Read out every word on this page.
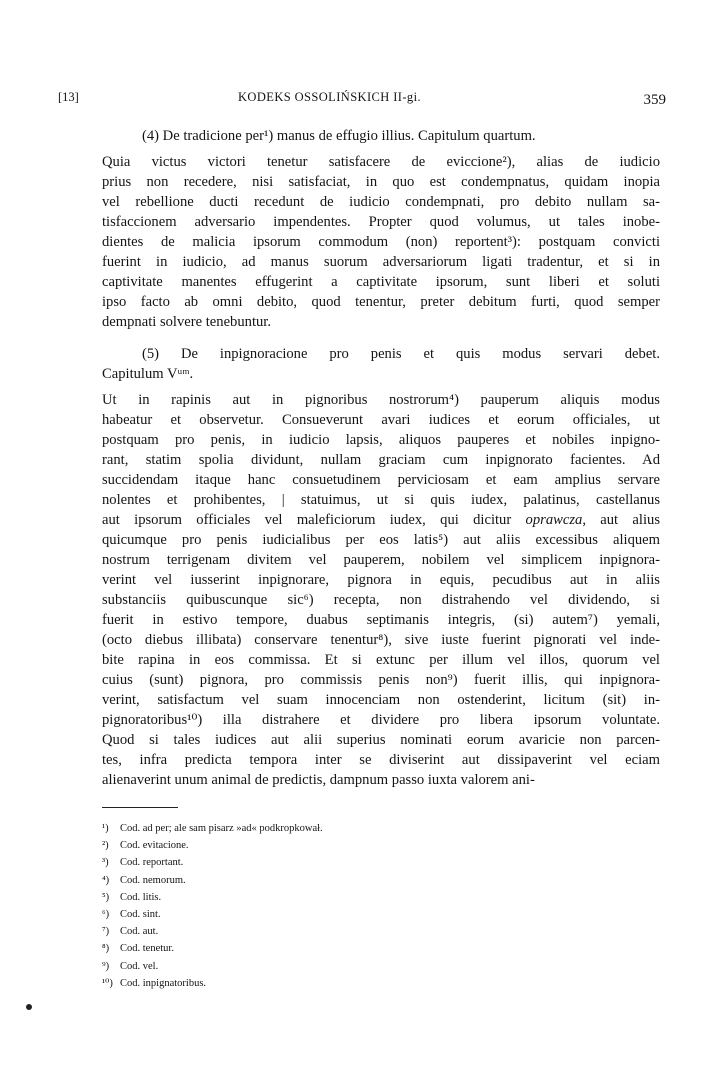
[13]	KODEKS OSSOLIŃSKICH II-gi.	359
(4) De tradicione per¹) manus de effugio illius. Capitulum quartum.
Quia victus victori tenetur satisfacere de eviccione²), alias de iudicio
prius non recedere, nisi satisfaciat, in quo est condempnatus, quidam inopia
vel rebellione ducti recedunt de iudicio condempnati, pro debito nullam sa-
tisfaccionem adversario impendentes. Propter quod volumus, ut tales inobe-
dientes de malicia ipsorum commodum (non) reportent³): postquam convicti
fuerint in iudicio, ad manus suorum adversariorum ligati tradentur, et si in
captivitate manentes effugerint a captivitate ipsorum, sunt liberi et soluti
ipso facto ab omni debito, quod tenentur, preter debitum furti, quod semper
dempnati solvere tenebuntur.
(5) De inpignoracione pro penis et quis modus servari debet.
Capitulum Vᵘᵐ.
Ut in rapinis aut in pignoribus nostrorum⁴) pauperum aliquis modus
habeatur et observetur. Consueverunt avari iudices et eorum officiales, ut
postquam pro penis, in iudicio lapsis, aliquos pauperes et nobiles inpigno-
rant, statim spolia dividunt, nullam graciam cum inpignorato facientes. Ad
succidendam itaque hanc consuetudinem perviciosam et eam amplius servare
nolentes et prohibentes, | statuimus, ut si quis iudex, palatinus, castellanus
aut ipsorum officiales vel maleficiorum iudex, qui dicitur oprawcza, aut alius
quicumque pro penis iudicialibus per eos latis⁵) aut aliis excessibus aliquem
nostrum terrigenam divitem vel pauperem, nobilem vel simplicem inpignora-
verint vel iusserint inpignorare, pignora in equis, pecudibus aut in aliis
substanciis quibuscunque sic⁶) recepta, non distrahendo vel dividendo, si
fuerit in estivo tempore, duabus septimanis integris, (si) autem⁷) yemali,
(octo diebus illibata) conservare tenentur⁸), sive iuste fuerint pignorati vel inde-
bite rapina in eos commissa. Et si extunc per illum vel illos, quorum vel
cuius (sunt) pignora, pro commissis penis non⁹) fuerit illis, qui inpignora-
verint, satisfactum vel suam innocenciam non ostenderint, licitum (sit) in-
pignoratoribus¹⁰) illa distrahere et dividere pro libera ipsorum voluntate.
Quod si tales iudices aut alii superius nominati eorum avaricie non parcen-
tes, infra predicta tempora inter se diviserint aut dissipaverint vel eciam
alienaverint unum animal de predictis, dampnum passo iuxta valorem ani-
¹) Cod. ad per; ale sam pisarz »ad« podkropkował.
²) Cod. evitacione.
³) Cod. reportant.
⁴) Cod. nemorum.
⁵) Cod. litis.
⁶) Cod. sint.
⁷) Cod. aut.
⁸) Cod. tenetur.
⁹) Cod. vel.
¹⁰) Cod. inpignatoribus.
